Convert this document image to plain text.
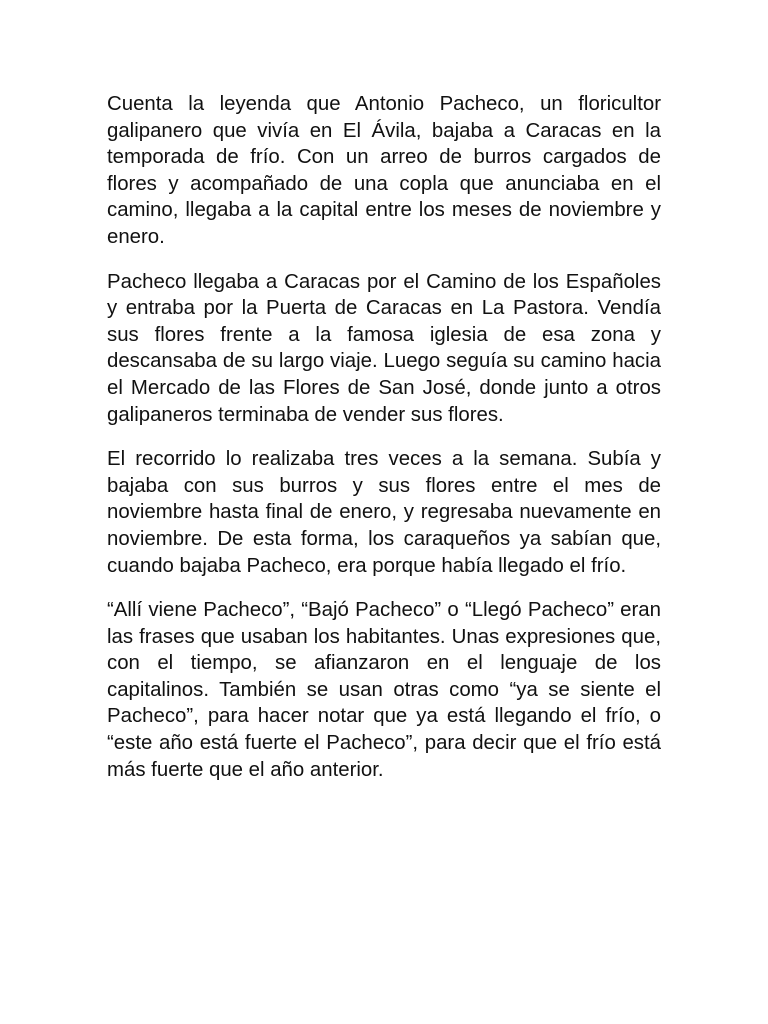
Cuenta la leyenda que Antonio Pacheco, un floricultor galipanero que vivía en El Ávila, bajaba a Caracas en la temporada de frío. Con un arreo de burros cargados de flores y acompañado de una copla que anunciaba en el camino, llegaba a la capital entre los meses de noviembre y enero.

Pacheco llegaba a Caracas por el Camino de los Españoles y entraba por la Puerta de Caracas en La Pastora. Vendía sus flores frente a la famosa iglesia de esa zona y descansaba de su largo viaje. Luego seguía su camino hacia el Mercado de las Flores de San José, donde junto a otros galipaneros terminaba de vender sus flores.

El recorrido lo realizaba tres veces a la semana. Subía y bajaba con sus burros y sus flores entre el mes de noviembre hasta final de enero, y regresaba nuevamente en noviembre. De esta forma, los caraqueños ya sabían que, cuando bajaba Pacheco, era porque había llegado el frío.

“Allí viene Pacheco”, “Bajó Pacheco” o “Llegó Pacheco” eran las frases que usaban los habitantes. Unas expresiones que, con el tiempo, se afianzaron en el lenguaje de los capitalinos. También se usan otras como “ya se siente el Pacheco”, para hacer notar que ya está llegando el frío, o “este año está fuerte el Pacheco”, para decir que el frío está más fuerte que el año anterior.
